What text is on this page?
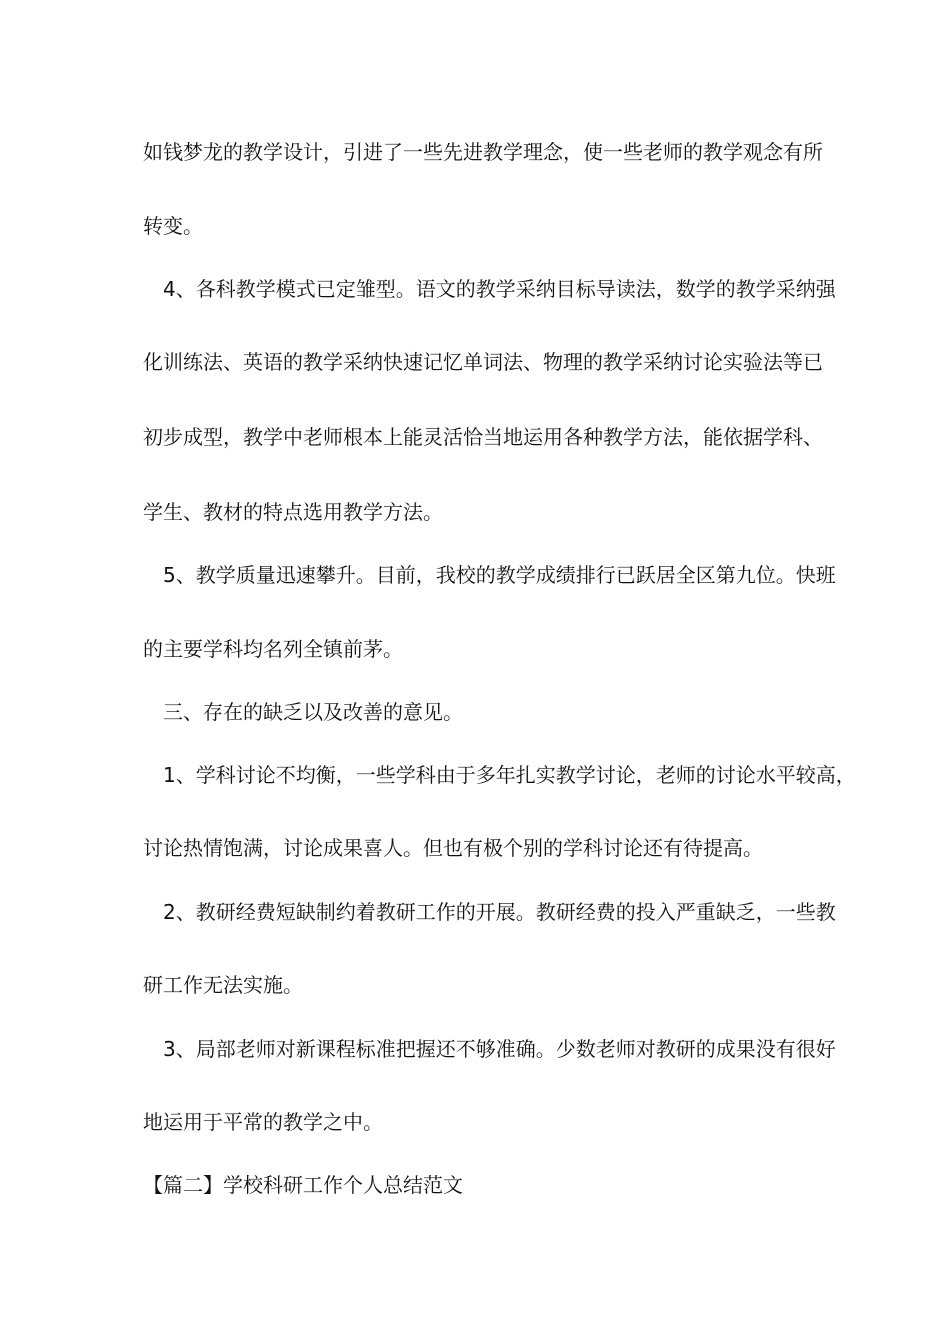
如钱梦龙的教学设计，引进了一些先进教学理念，使一些老师的教学观念有所
转变。
4、各科教学模式已定雏型。语文的教学采纳目标导读法，数学的教学采纳强
化训练法、英语的教学采纳快速记忆单词法、物理的教学采纳讨论实验法等已
初步成型，教学中老师根本上能灵活恰当地运用各种教学方法，能依据学科、
学生、教材的特点选用教学方法。
5、教学质量迅速攀升。目前，我校的教学成绩排行已跃居全区第九位。快班
的主要学科均名列全镇前茅。
三、存在的缺乏以及改善的意见。
1、学科讨论不均衡，一些学科由于多年扎实教学讨论，老师的讨论水平较高，
讨论热情饱满，讨论成果喜人。但也有极个别的学科讨论还有待提高。
2、教研经费短缺制约着教研工作的开展。教研经费的投入严重缺乏，一些教
研工作无法实施。
3、局部老师对新课程标准把握还不够准确。少数老师对教研的成果没有很好
地运用于平常的教学之中。
【篇二】学校科研工作个人总结范文
